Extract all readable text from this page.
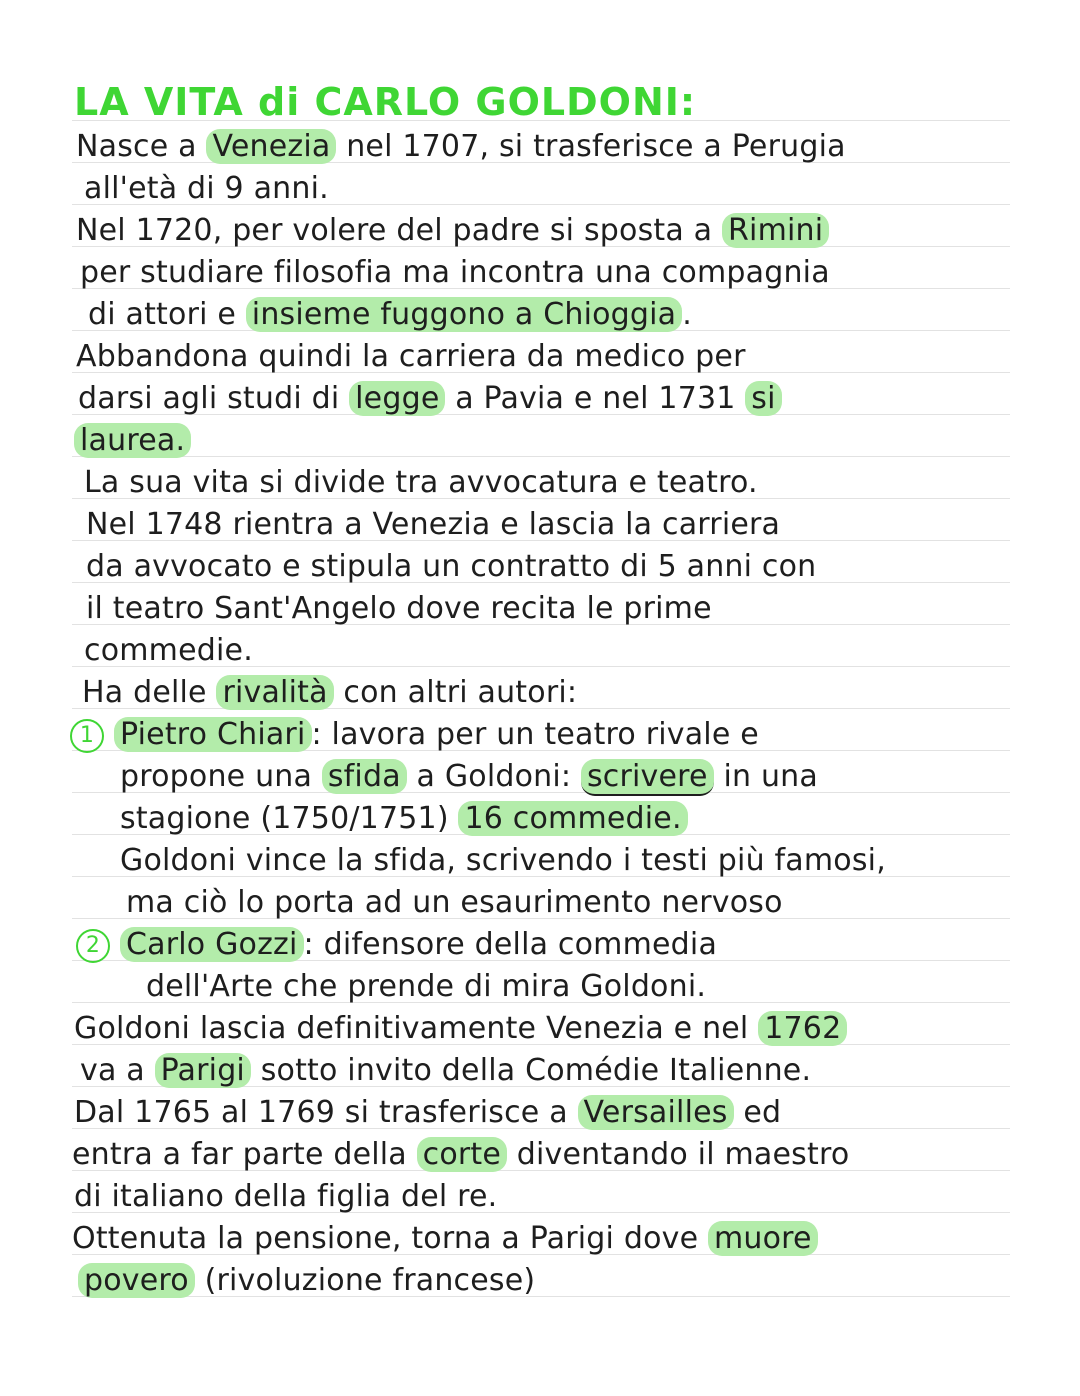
LA VITA di CARLO GOLDONI:
Nasce a Venezia nel 1707, si trasferisce a Perugia
all'età di 9 anni.
Nel 1720, per volere del padre si sposta a Rimini
per studiare filosofia ma incontra una compagnia
di attori e insieme fuggono a Chioggia .
Abbandona quindi la carriera da medico per
darsi agli studi di legge a Pavia e nel 1731 si
laurea.
La sua vita si divide tra avvocatura e teatro.
Nel 1748 rientra a Venezia e lascia la carriera
da avvocato e stipula un contratto di 5 anni con
il teatro Sant'Angelo dove recita le prime
commedie.
Ha delle rivalità con altri autori:
1 Pietro Chiari : lavora per un teatro rivale e
propone una sfida a Goldoni: scrivere in una
stagione (1750/1751) 16 commedie.
Goldoni vince la sfida, scrivendo i testi più famosi,
ma ciò lo porta ad un esaurimento nervoso
2 Carlo Gozzi : difensore della commedia
dell'Arte che prende di mira Goldoni.
Goldoni lascia definitivamente Venezia e nel 1762
va a Parigi sotto invito della Comédie Italienne.
Dal 1765 al 1769 si trasferisce a Versailles ed
entra a far parte della corte diventando il maestro
di italiano della figlia del re.
Ottenuta la pensione, torna a Parigi dove muore
povero (rivoluzione francese)
